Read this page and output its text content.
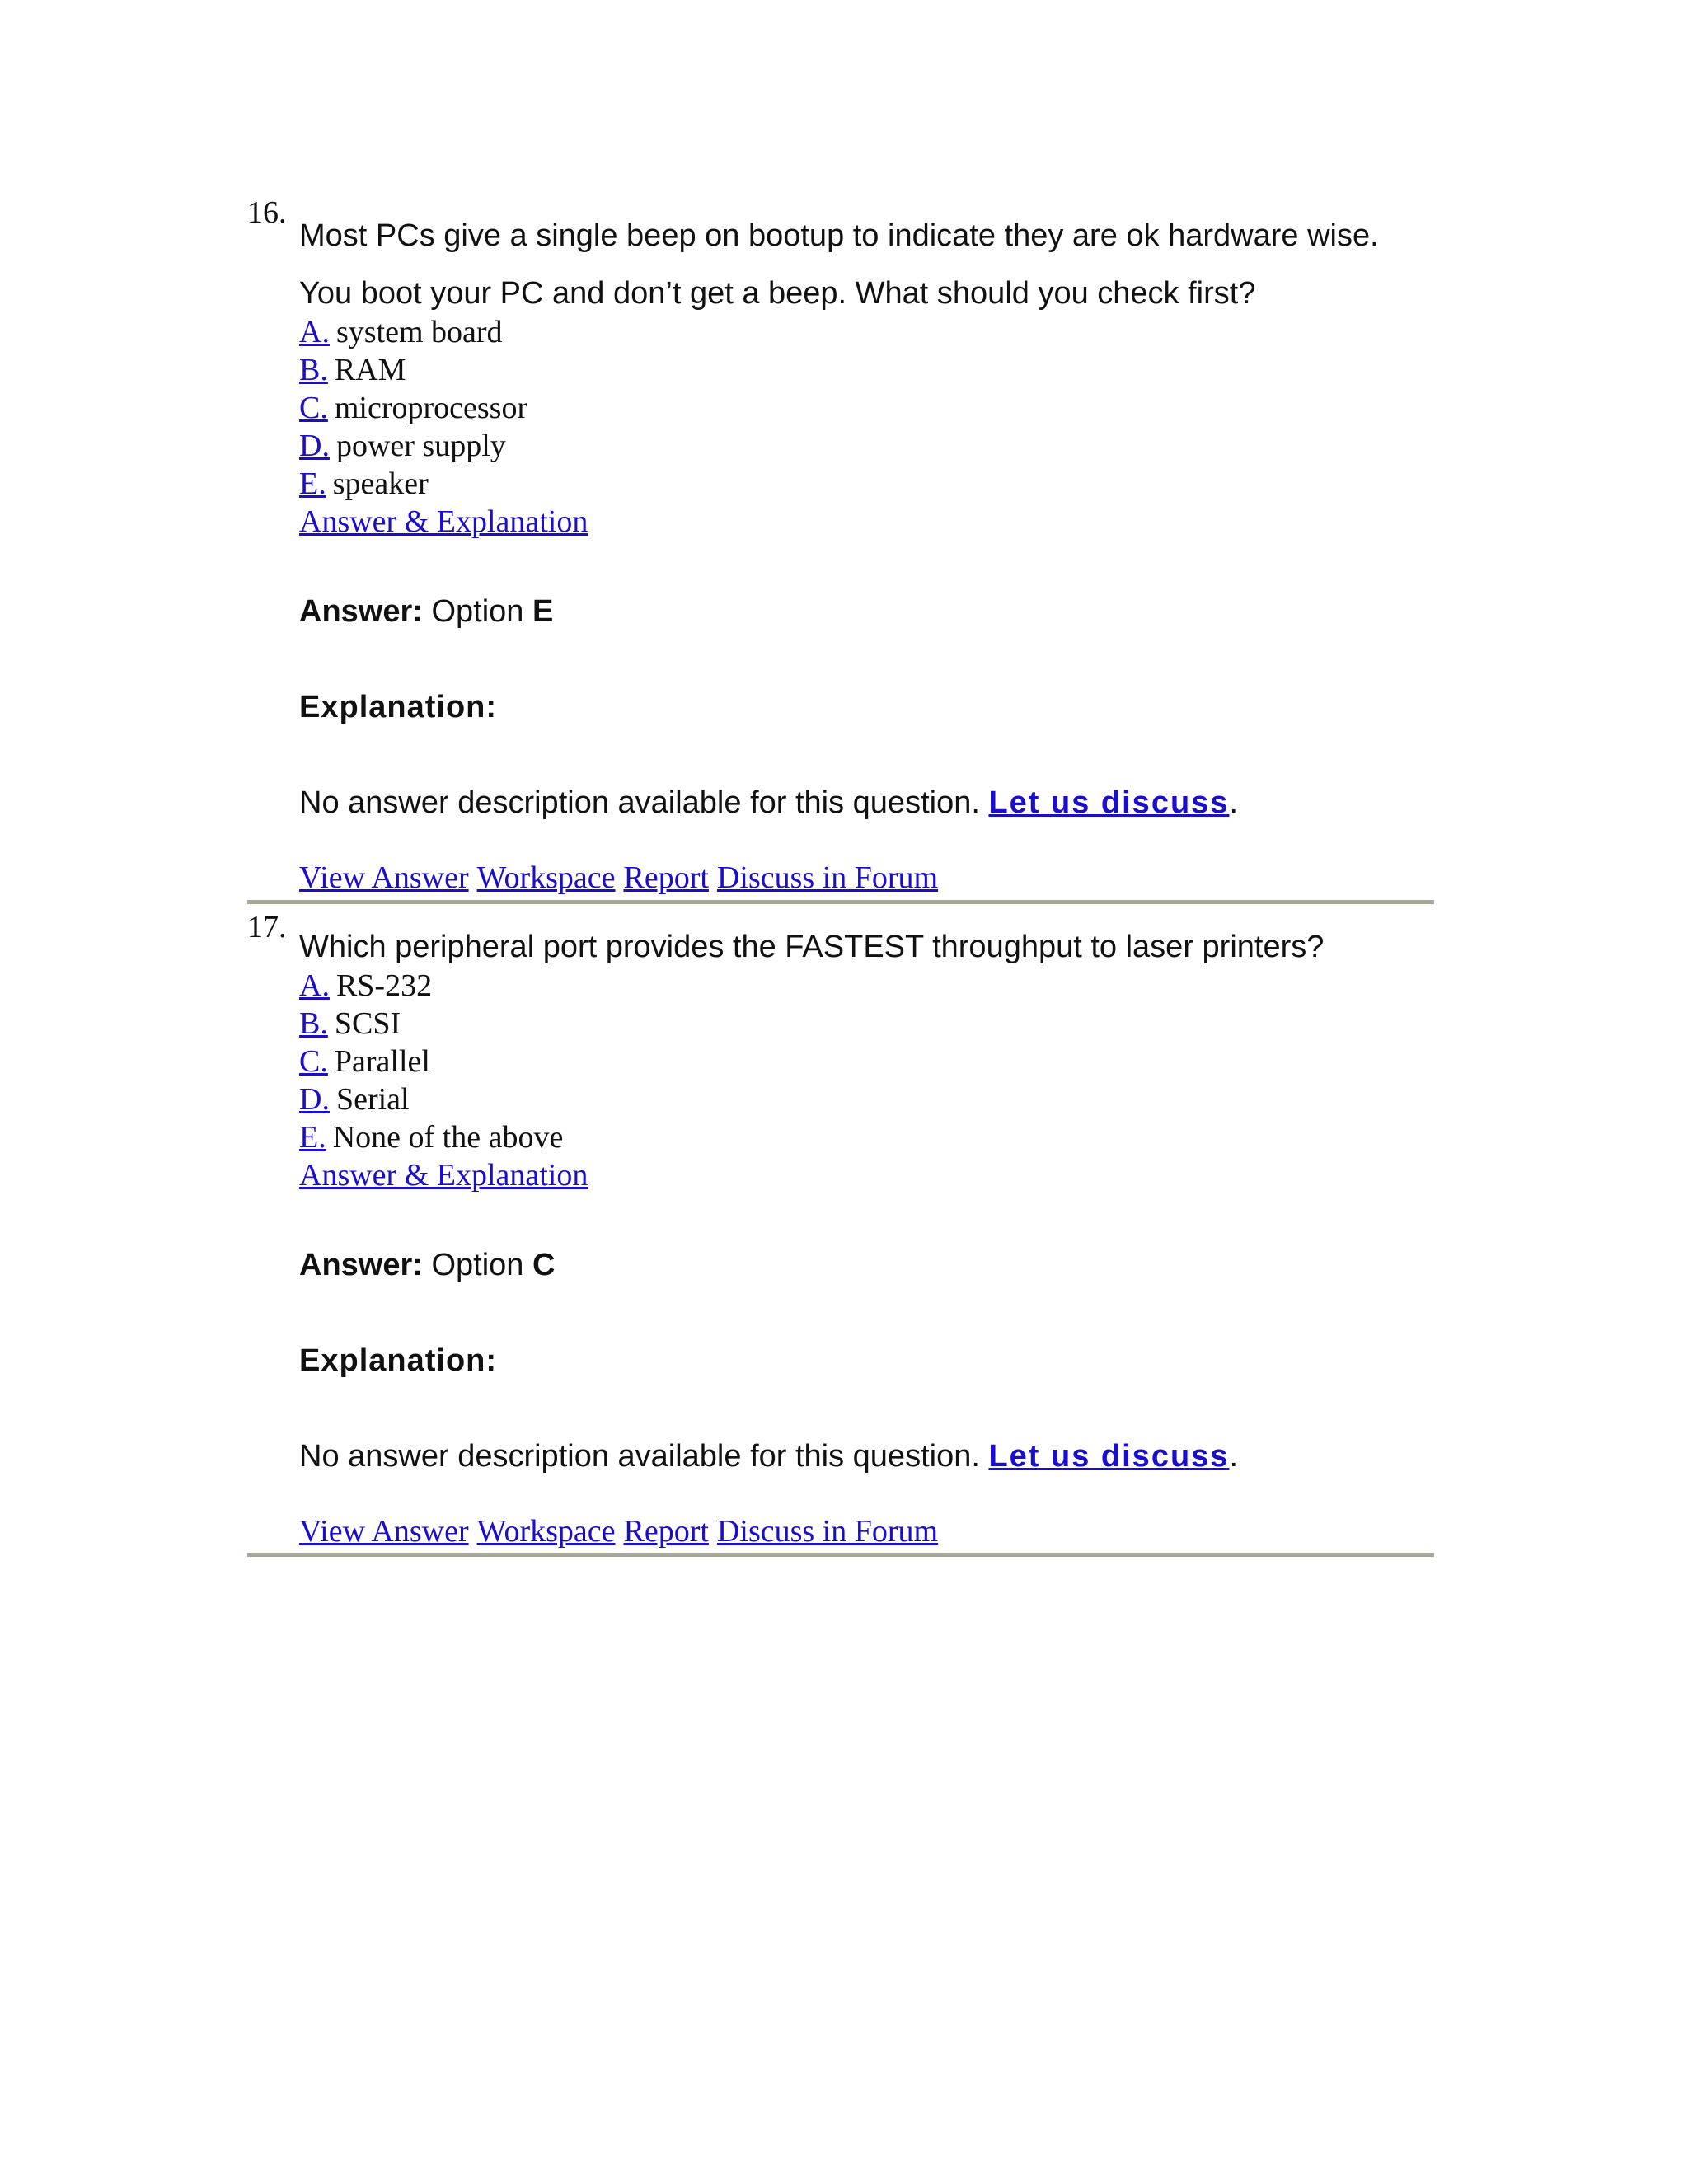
16.

Most PCs give a single beep on bootup to indicate they are ok hardware wise.
You boot your PC and don’t get a beep. What should you check first?

A. system board
B. RAM
C. microprocessor
D. power supply
E. speaker
Answer & Explanation
Answer: Option E
Explanation:
No answer description available for this question. Let us discuss.
View Answer Workspace Report Discuss in Forum
17.

Which peripheral port provides the FASTEST throughput to laser printers?

A. RS-232
B. SCSI
C. Parallel
D. Serial
E. None of the above
Answer & Explanation
Answer: Option C
Explanation:
No answer description available for this question. Let us discuss.
View Answer Workspace Report Discuss in Forum
